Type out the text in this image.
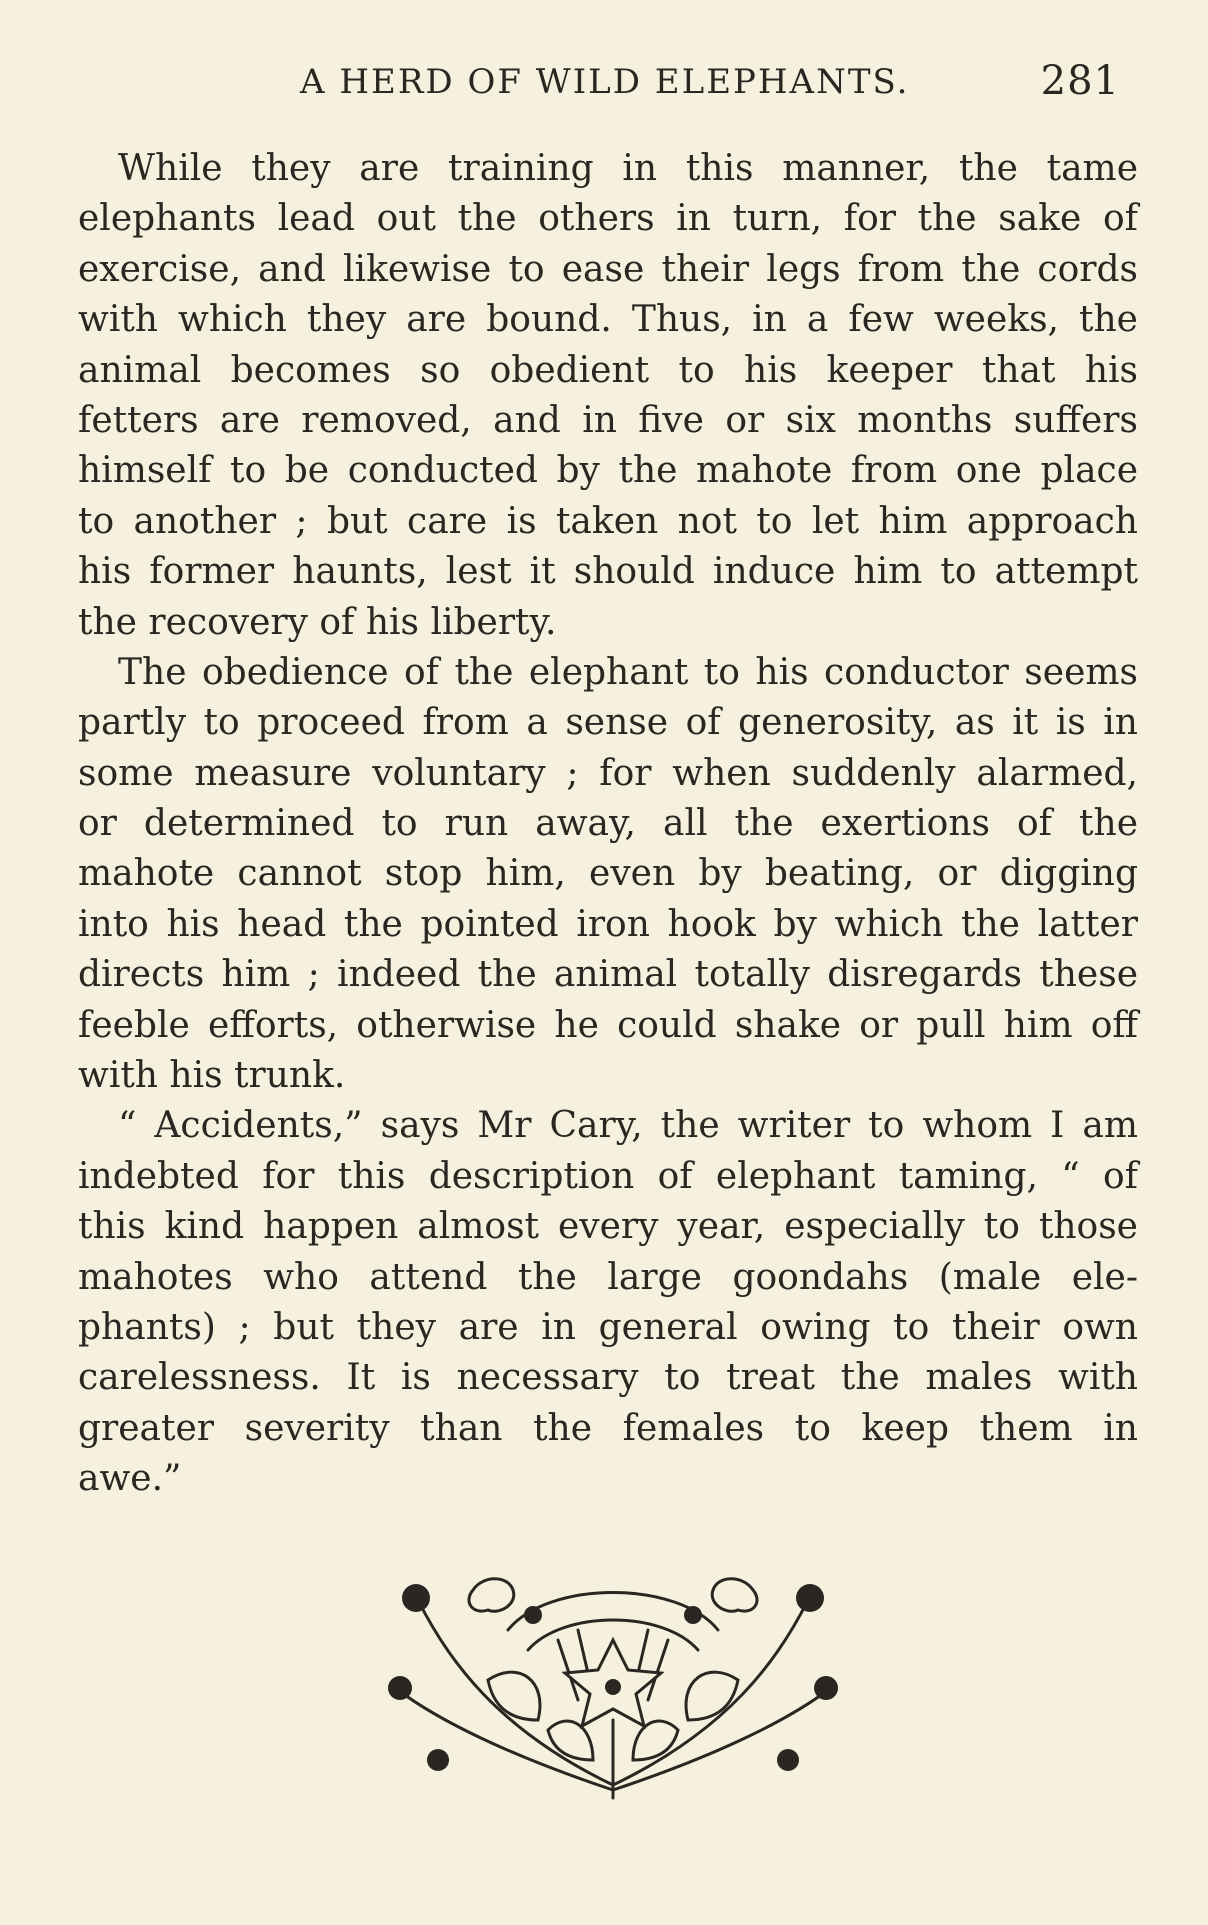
A HERD OF WILD ELEPHANTS.	281
While they are training in this manner, the tame
elephants lead out the others in turn, for the sake of
exercise, and likewise to ease their legs from the cords
with which they are bound. Thus, in a few weeks, the
animal becomes so obedient to his keeper that his
fetters are removed, and in five or six months suffers
himself to be conducted by the mahote from one place
to another ; but care is taken not to let him approach
his former haunts, lest it should induce him to attempt
the recovery of his liberty.
The obedience of the elephant to his conductor seems
partly to proceed from a sense of generosity, as it is in
some measure voluntary ; for when suddenly alarmed,
or determined to run away, all the exertions of the
mahote cannot stop him, even by beating, or digging
into his head the pointed iron hook by which the latter
directs him ; indeed the animal totally disregards these
feeble efforts, otherwise he could shake or pull him off
with his trunk.
“ Accidents,” says Mr Cary, the writer to whom I am
indebted for this description of elephant taming, “ of
this kind happen almost every year, especially to those
mahotes who attend the large goondahs (male ele-
phants) ; but they are in general owing to their own
carelessness. It is necessary to treat the males with
greater severity than the females to keep them in
awe.”
